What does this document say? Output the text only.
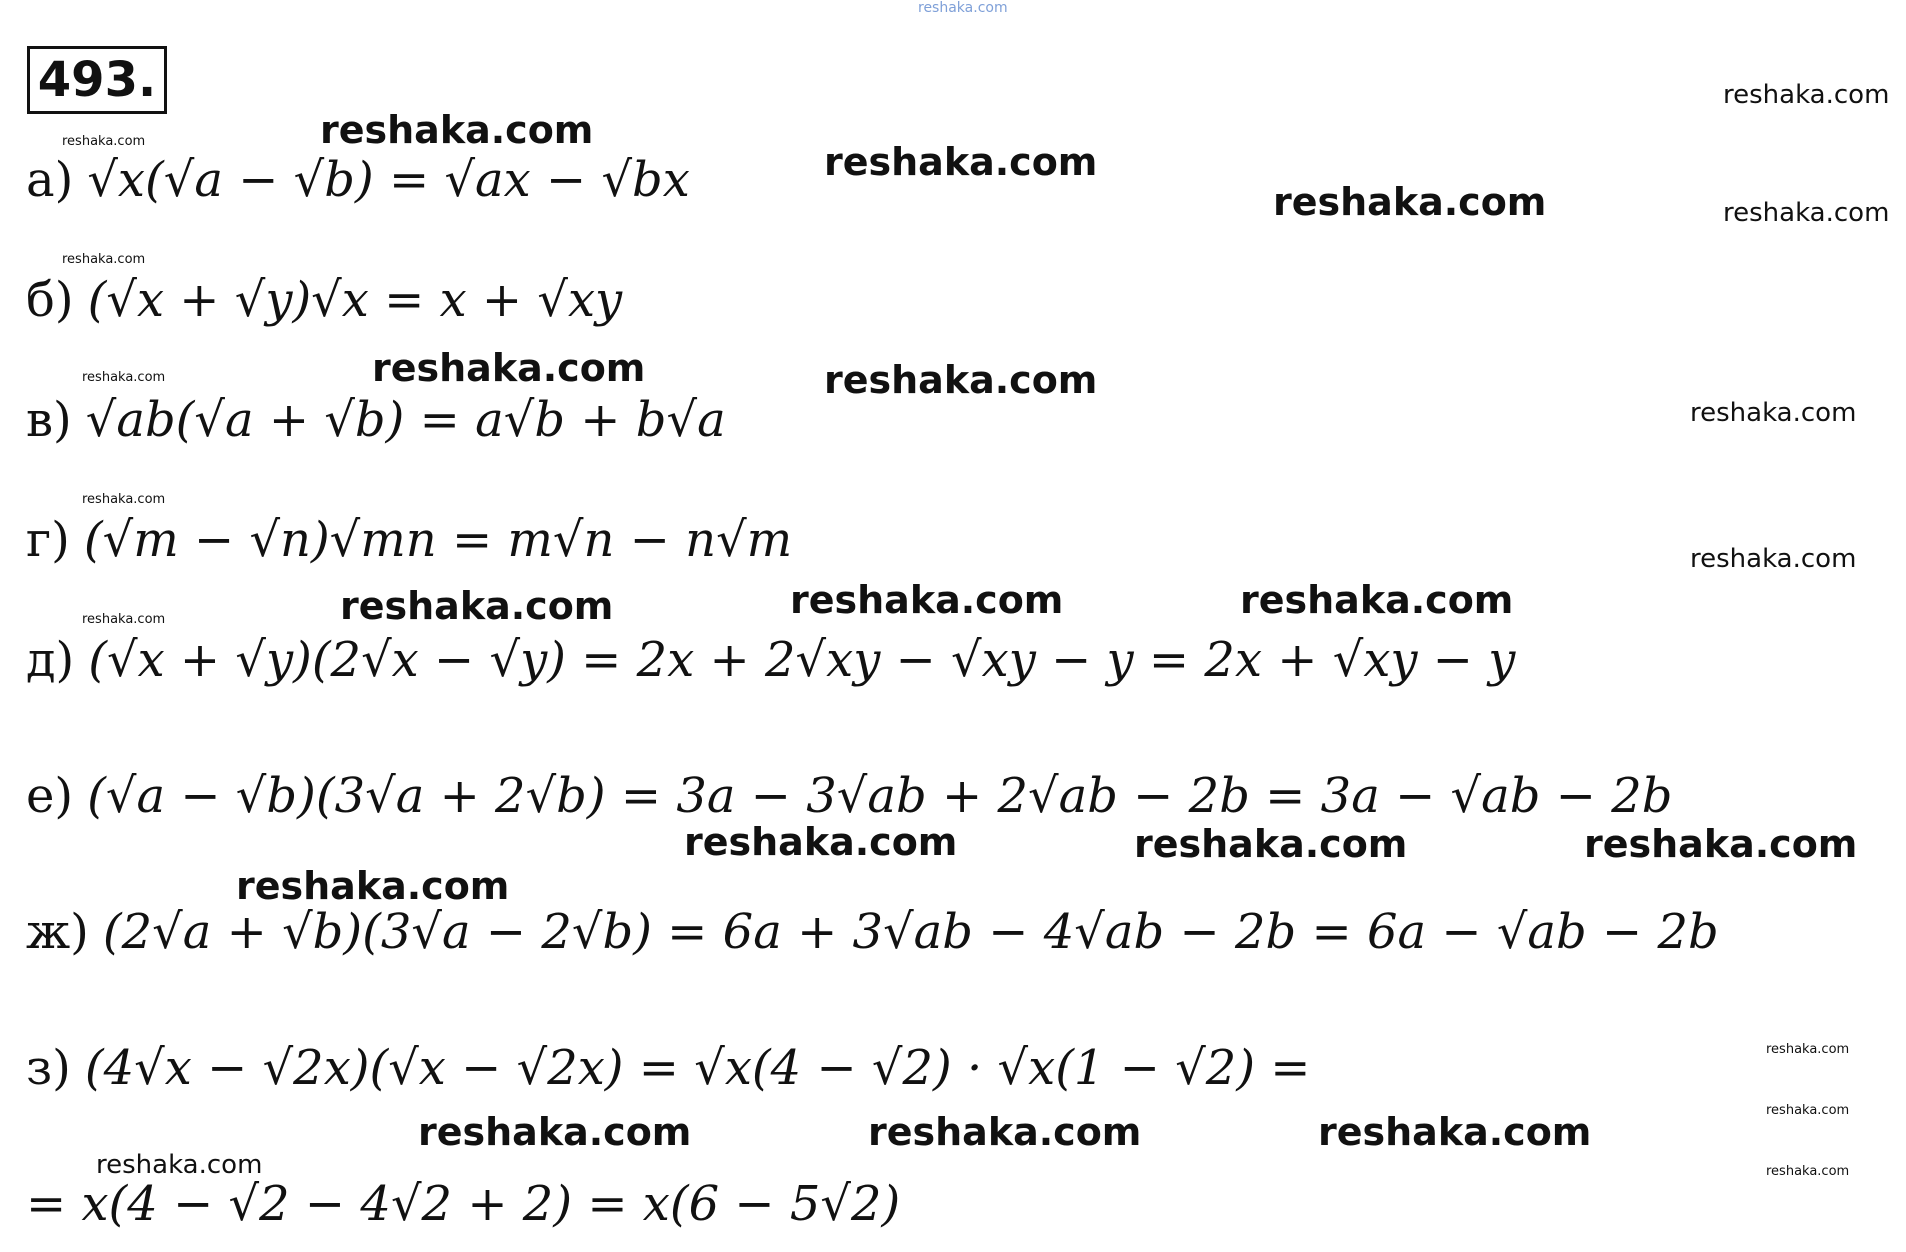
reshaka.com
493.
а) √x(√a − √b) = √ax − √bx
б) (√x + √y)√x = x + √xy
в) √ab(√a + √b) = a√b + b√a
г) (√m − √n)√mn = m√n − n√m
д) (√x + √y)(2√x − √y) = 2x + 2√xy − √xy − y = 2x + √xy − y
е) (√a − √b)(3√a + 2√b) = 3a − 3√ab + 2√ab − 2b = 3a − √ab − 2b
ж) (2√a + √b)(3√a − 2√b) = 6a + 3√ab − 4√ab − 2b = 6a − √ab − 2b
з) (4√x − √2x)(√x − √2x) = √x(4 − √2) · √x(1 − √2) =
= x(4 − √2 − 4√2 + 2) = x(6 − 5√2)
reshaka.com
reshaka.com
reshaka.com
reshaka.com
reshaka.com
reshaka.com
reshaka.com
reshaka.com	reshaka.com
reshaka.com
reshaka.com
reshaka.com
reshaka.com
reshaka.com	reshaka.com	reshaka.com
reshaka.com
reshaka.com	reshaka.com	reshaka.com
reshaka.com
reshaka.com
reshaka.com
reshaka.com
reshaka.com	reshaka.com	reshaka.com
reshaka.com
